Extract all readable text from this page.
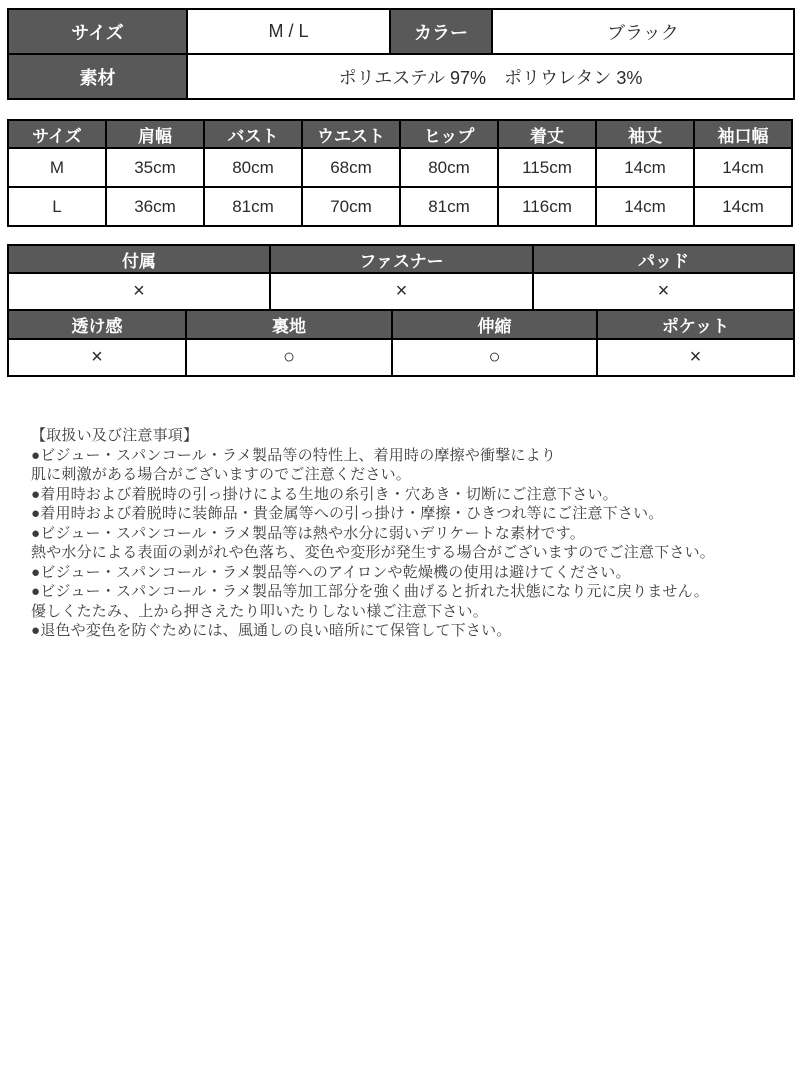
サイズ	M / L	カラー	ブラック
素材	ポリエステル 97%　ポリウレタン 3%		
サイズ	肩幅	バスト	ウエスト	ヒップ	着丈	袖丈	袖口幅
M	35cm	80cm	68cm	80cm	115cm	14cm	14cm
L	36cm	81cm	70cm	81cm	116cm	14cm	14cm
付属	ファスナー	パッド
×	×	×
透け感	裏地	伸縮	ポケット
×	○	○	×
【取扱い及び注意事項】
●ビジュー・スパンコール・ラメ製品等の特性上、着用時の摩擦や衝撃により
肌に刺激がある場合がございますのでご注意ください。
●着用時および着脱時の引っ掛けによる生地の糸引き・穴あき・切断にご注意下さい。
●着用時および着脱時に装飾品・貴金属等への引っ掛け・摩擦・ひきつれ等にご注意下さい。
●ビジュー・スパンコール・ラメ製品等は熱や水分に弱いデリケートな素材です。
熱や水分による表面の剥がれや色落ち、変色や変形が発生する場合がございますのでご注意下さい。
●ビジュー・スパンコール・ラメ製品等へのアイロンや乾燥機の使用は避けてください。
●ビジュー・スパンコール・ラメ製品等加工部分を強く曲げると折れた状態になり元に戻りません。
優しくたたみ、上から押さえたり叩いたりしない様ご注意下さい。
●退色や変色を防ぐためには、風通しの良い暗所にて保管して下さい。
